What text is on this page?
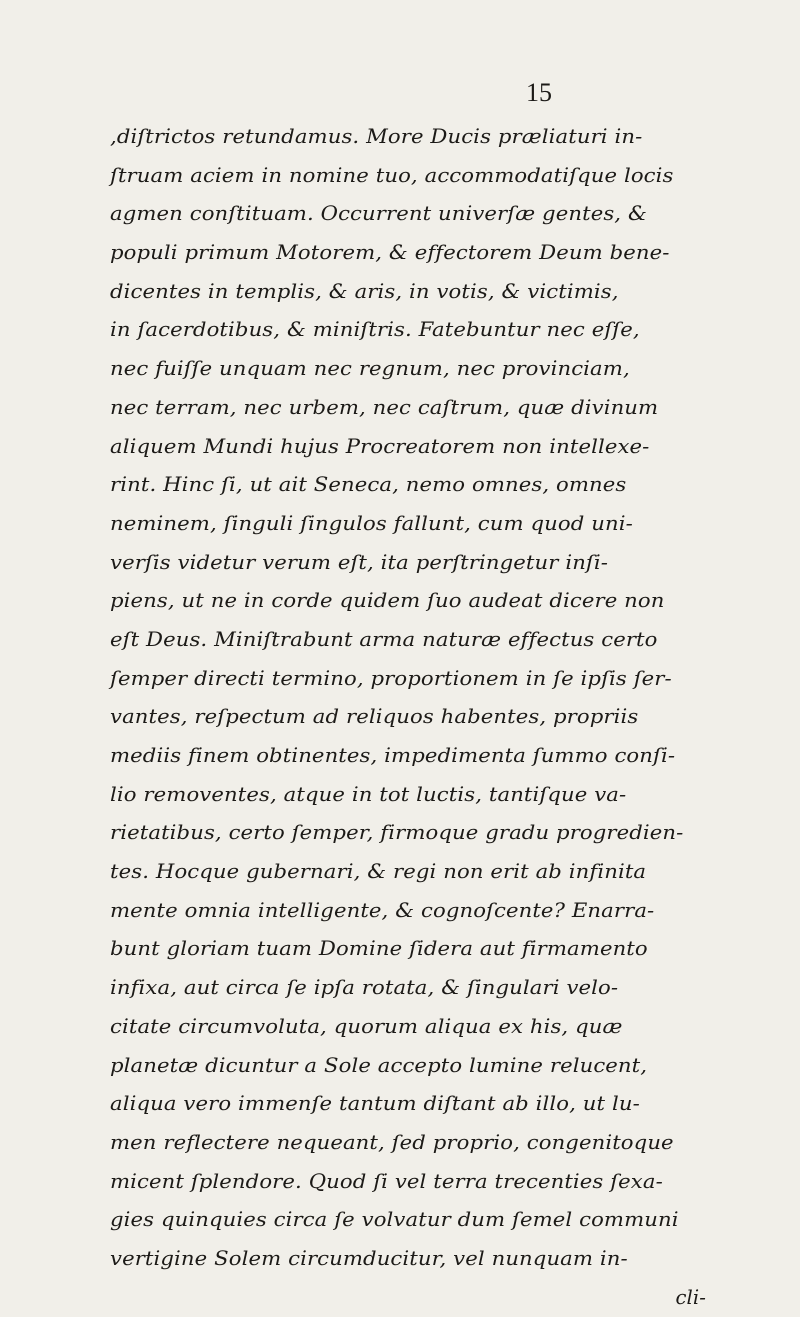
15
,diſtrictos retundamus. More Ducis præliaturi in-
ſtruam aciem in nomine tuo, accommodatiſque locis
agmen conſtituam. Occurrent univerſæ gentes, &
populi primum Motorem, & effectorem Deum bene-
dicentes in templis, & aris, in votis, & victimis,
in ſacerdotibus, & miniſtris. Fatebuntur nec eſſe,
nec fuiſſe unquam nec regnum, nec provinciam,
nec terram, nec urbem, nec caſtrum, quæ divinum
aliquem Mundi hujus Procreatorem non intellexe-
rint. Hinc ſi, ut ait Seneca, nemo omnes, omnes
neminem, ſinguli ſingulos fallunt, cum quod uni-
verſis videtur verum eſt, ita perſtringetur inſi-
piens, ut ne in corde quidem ſuo audeat dicere non
eſt Deus. Miniſtrabunt arma naturæ effectus certo
ſemper directi termino, proportionem in ſe ipſis ſer-
vantes, reſpectum ad reliquos habentes, propriis
mediis finem obtinentes, impedimenta ſummo conſi-
lio removentes, atque in tot luctis, tantiſque va-
rietatibus, certo ſemper, firmoque gradu progredien-
tes. Hocque gubernari, & regi non erit ab infinita
mente omnia intelligente, & cognoſcente? Enarra-
bunt gloriam tuam Domine ſidera aut firmamento
infixa, aut circa ſe ipſa rotata, & ſingulari velo-
citate circumvoluta, quorum aliqua ex his, quæ
planetæ dicuntur a Sole accepto lumine relucent,
aliqua vero immenſe tantum diſtant ab illo, ut lu-
men reflectere nequeant, ſed proprio, congenitoque
micent ſplendore. Quod ſi vel terra trecenties ſexa-
gies quinquies circa ſe volvatur dum ſemel communi
vertigine Solem circumducitur, vel nunquam in-
cli-
